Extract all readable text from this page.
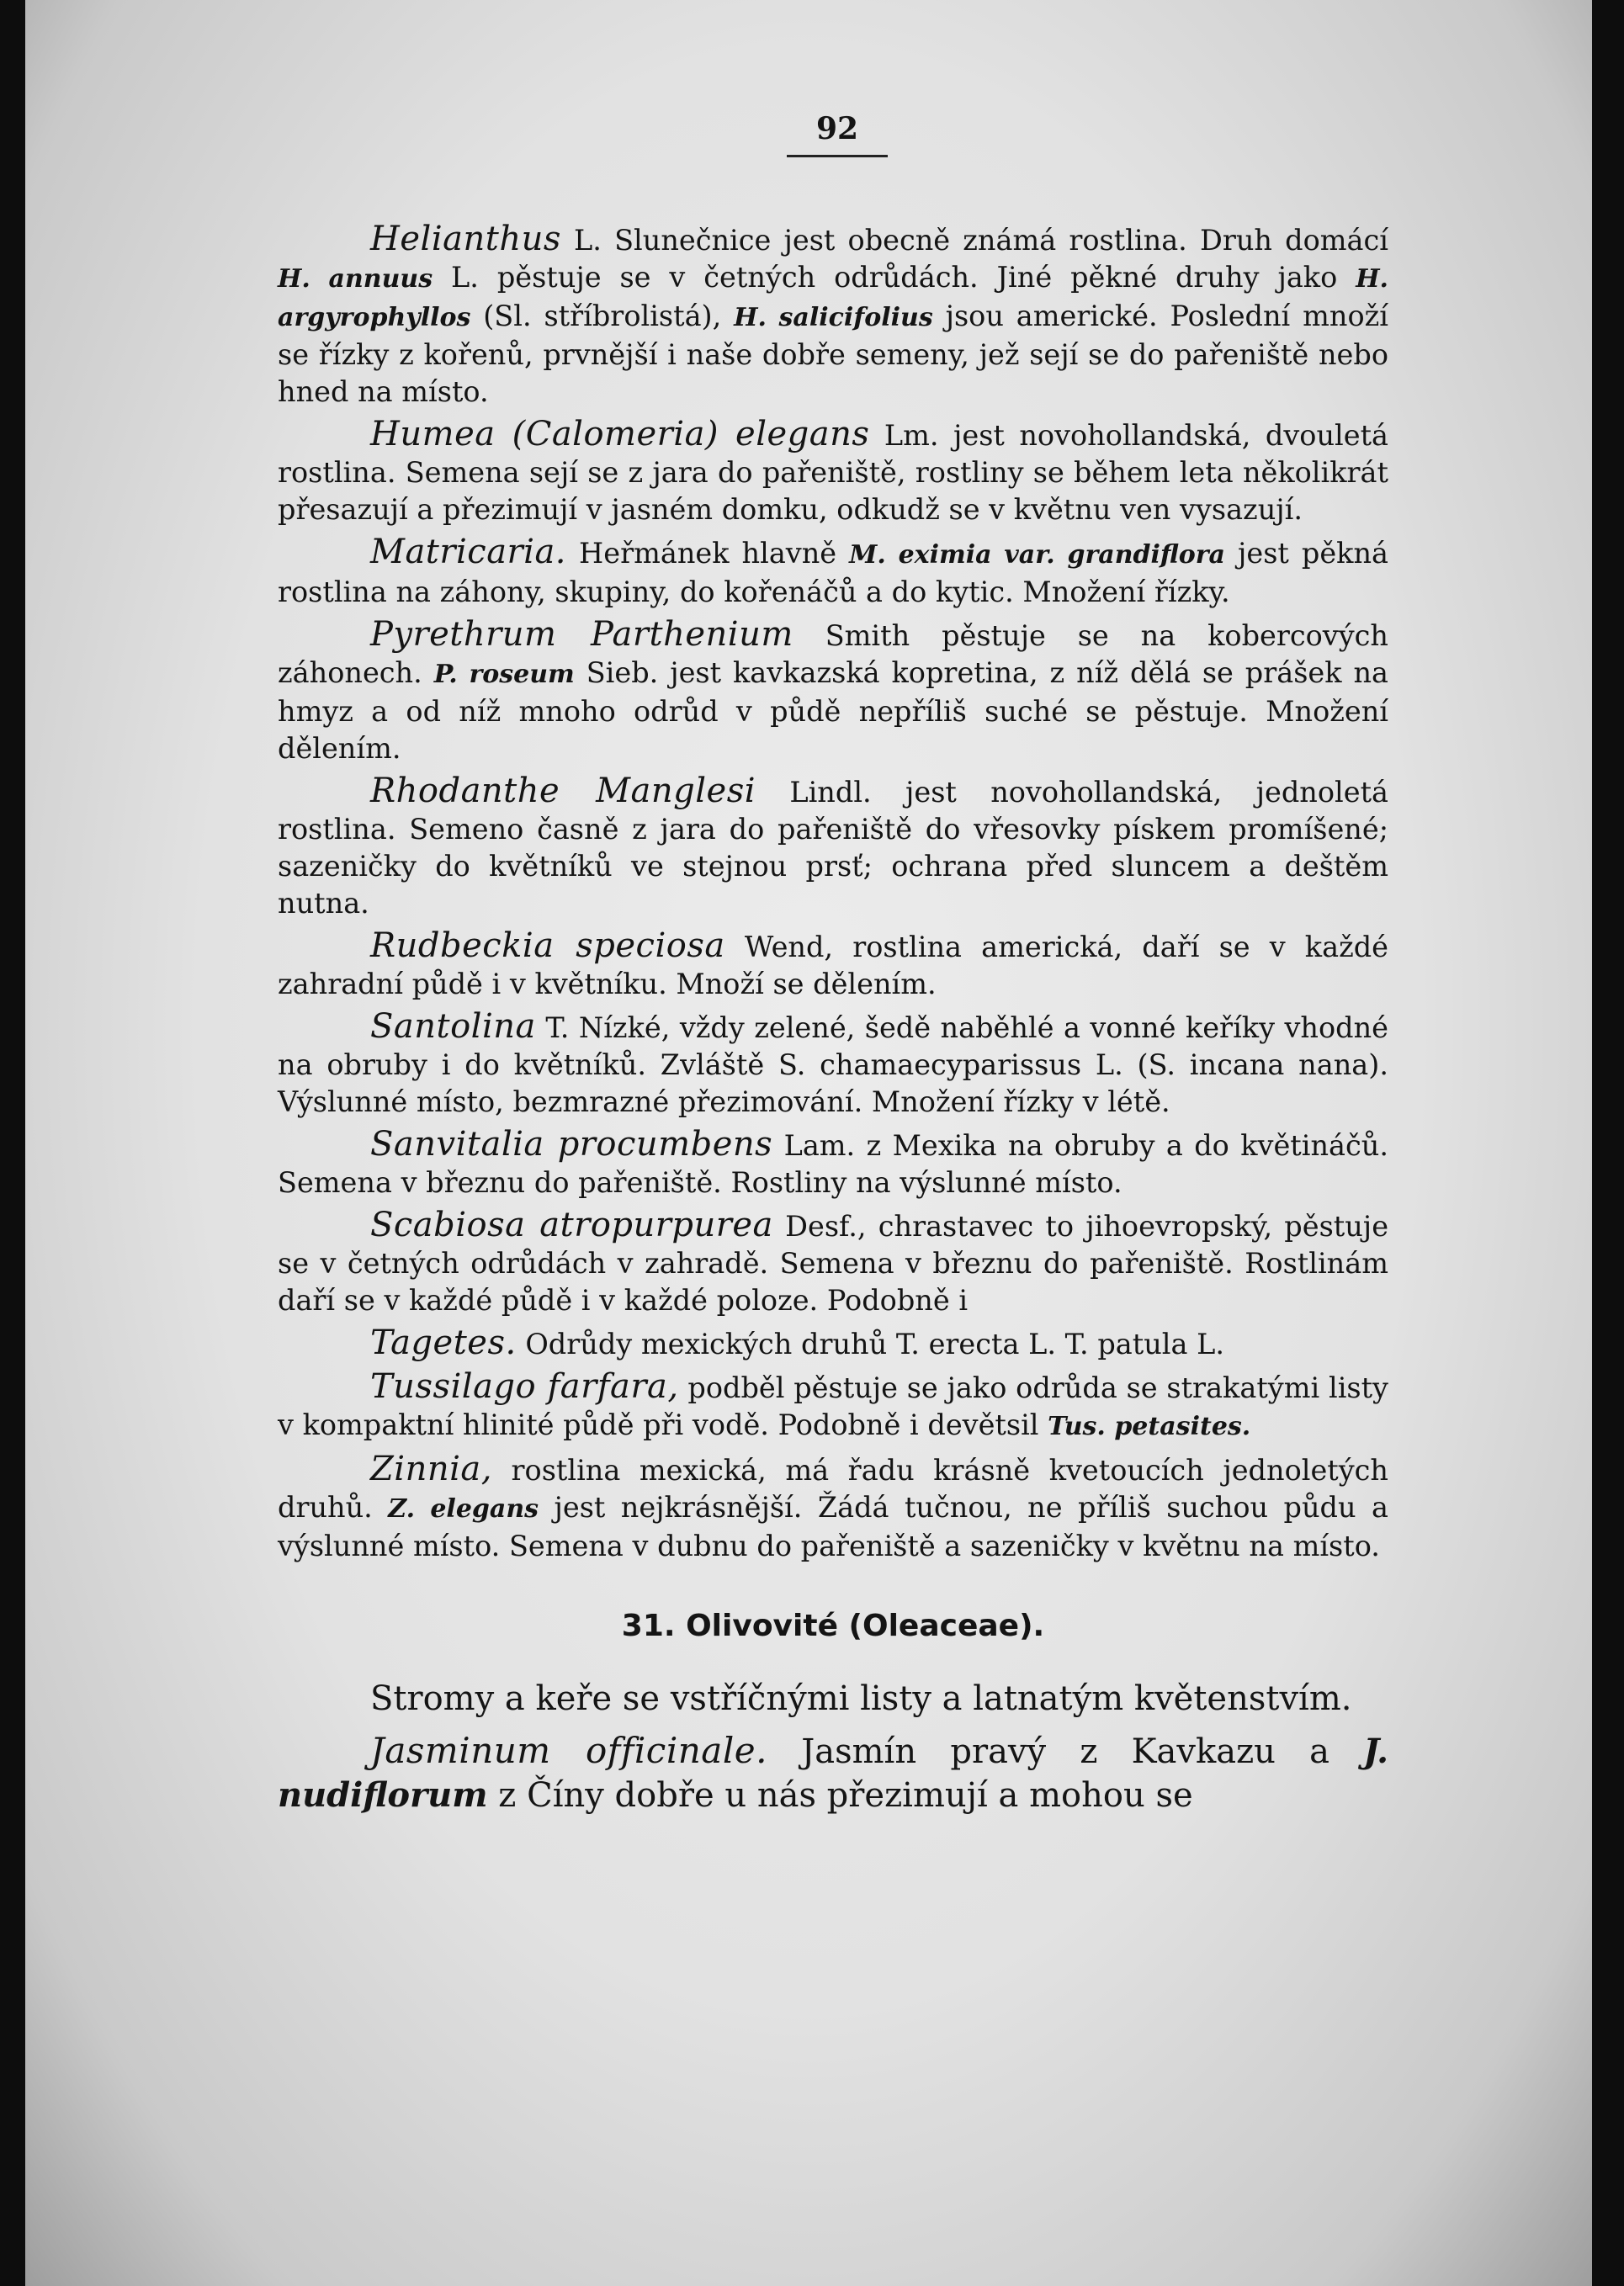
92

Helianthus L. Slunečnice jest obecně známá rostlina. Druh domácí H. annuus L. pěstuje se v četných odrůdách. Jiné pěkné druhy jako H. argyrophyllos (Sl. stříbrolistá), H. salicifolius jsou americké. Poslední množí se řízky z kořenů, prvnější i naše dobře semeny, jež sejí se do pařeniště nebo hned na místo.

Humea (Calomeria) elegans Lm. jest novohollandská, dvouletá rostlina. Semena sejí se z jara do pařeniště, rostliny se během leta několikrát přesazují a přezimují v jasném domku, odkudž se v květnu ven vysazují.

Matricaria. Heřmánek hlavně M. eximia var. grandiflora jest pěkná rostlina na záhony, skupiny, do kořenáčů a do kytic. Množení řízky.

Pyrethrum Parthenium Smith pěstuje se na kobercových záhonech. P. roseum Sieb. jest kavkazská kopretina, z níž dělá se prášek na hmyz a od níž mnoho odrůd v půdě nepříliš suché se pěstuje. Množení dělením.

Rhodanthe Manglesi Lindl. jest novohollandská, jednoletá rostlina. Semeno časně z jara do pařeniště do vřesovky pískem promíšené; sazeničky do květníků ve stejnou prsť; ochrana před sluncem a deštěm nutna.

Rudbeckia speciosa Wend, rostlina americká, daří se v každé zahradní půdě i v květníku. Množí se dělením.

Santolina T. Nízké, vždy zelené, šedě naběhlé a vonné keříky vhodné na obruby i do květníků. Zvláště S. chamaecyparissus L. (S. incana nana). Výslunné místo, bezmrazné přezimování. Množení řízky v létě.

Sanvitalia procumbens Lam. z Mexika na obruby a do květináčů. Semena v březnu do pařeniště. Rostliny na výslunné místo.

Scabiosa atropurpurea Desf., chrastavec to jihoevropský, pěstuje se v četných odrůdách v zahradě. Semena v březnu do pařeniště. Rostlinám daří se v každé půdě i v každé poloze. Podobně i

Tagetes. Odrůdy mexických druhů T. erecta L. T. patula L.

Tussilago farfara, podběl pěstuje se jako odrůda se strakatými listy v kompaktní hlinité půdě při vodě. Podobně i devětsil Tus. petasites.

Zinnia, rostlina mexická, má řadu krásně kvetoucích jednoletých druhů. Z. elegans jest nejkrásnější. Žádá tučnou, ne příliš suchou půdu a výslunné místo. Semena v dubnu do pařeniště a sazeničky v květnu na místo.

31. Olivovité (Oleaceae).

Stromy a keře se vstříčnými listy a latnatým květenstvím.

Jasminum officinale. Jasmín pravý z Kavkazu a J. nudiflorum z Číny dobře u nás přezimují a mohou se
